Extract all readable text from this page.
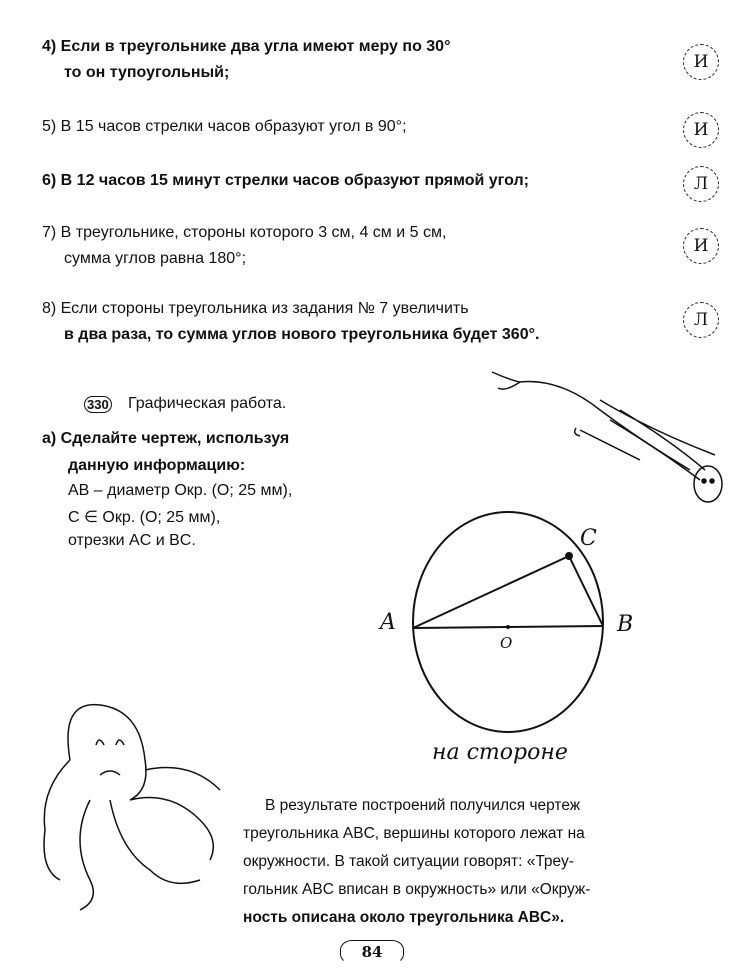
4) Если в треугольнике два угла имеют меру по 30°
то он тупоугольный;
И
5) В 15 часов стрелки часов образуют угол в 90°;	И
6) В 12 часов 15 минут стрелки часов образуют прямой угол;	Л
7) В треугольнике, стороны которого 3 см, 4 см и 5 см,
сумма углов равна 180°;
И
8) Если стороны треугольника из задания № 7 увеличить
в два раза, то сумма углов нового треугольника будет 360°.
Л
330 Графическая работа.
а) Сделайте чертеж, используя
данную информацию:
AB – диаметр Окр. (O; 25 мм),
C ∈ Окр. (O; 25 мм),
отрезки AC и BC.
A	B
C
O
на стороне
В результате построений получился чертеж
треугольника ABC, вершины которого лежат на
окружности. В такой ситуации говорят: «Треу-
гольник ABC вписан в окружность» или «Окруж-
ность описана около треугольника ABC».
84
